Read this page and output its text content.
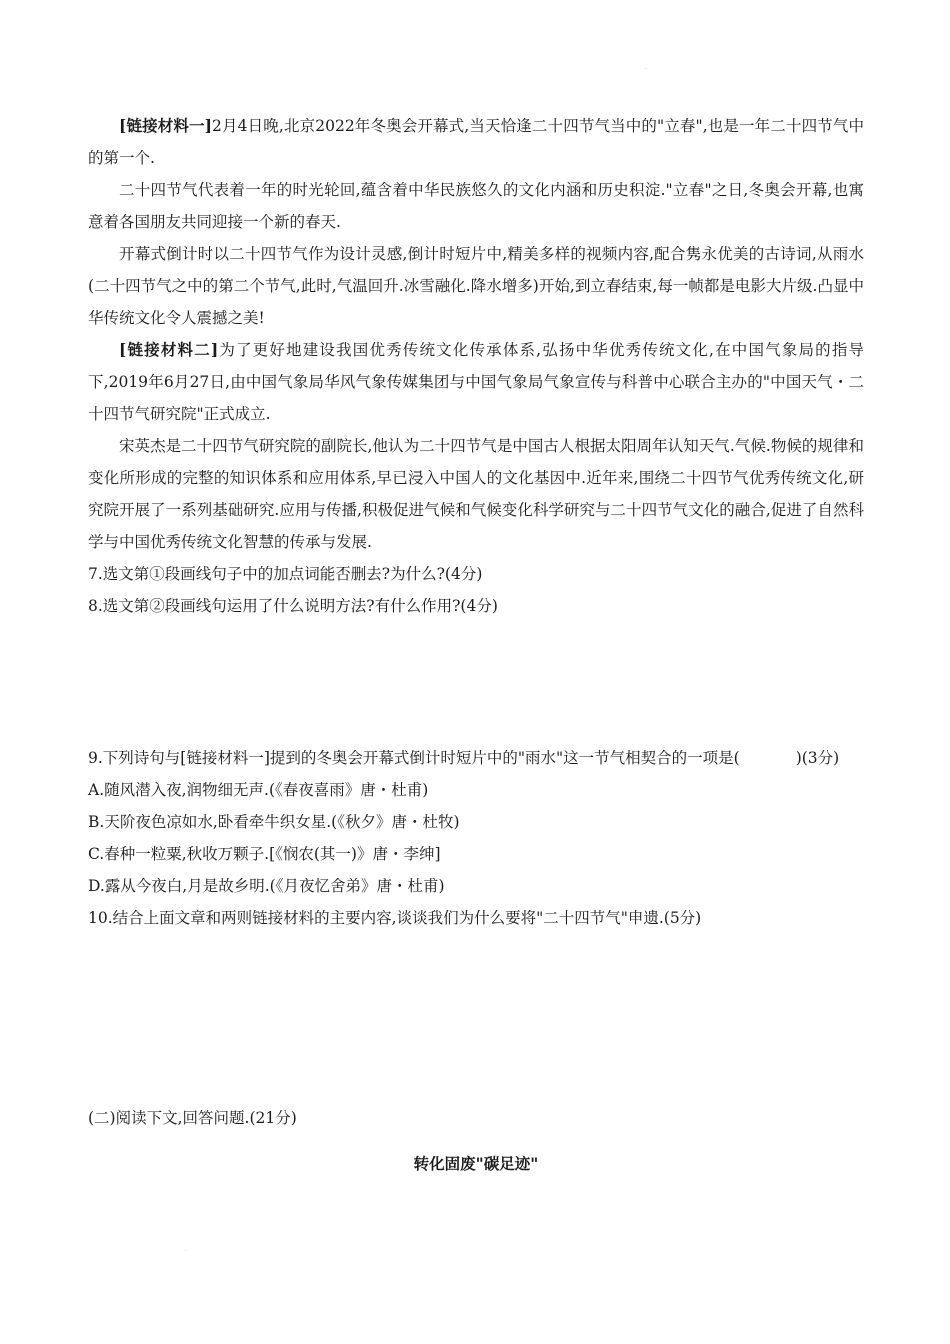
·

[链接材料一]2月4日晚,北京2022年冬奥会开幕式,当天恰逢二十四节气当中的"立春",也是一年二十四节气中的第一个.

二十四节气代表着一年的时光轮回,蕴含着中华民族悠久的文化内涵和历史积淀."立春"之日,冬奥会开幕,也寓意着各国朋友共同迎接一个新的春天.

开幕式倒计时以二十四节气作为设计灵感,倒计时短片中,精美多样的视频内容,配合隽永优美的古诗词,从雨水(二十四节气之中的第二个节气,此时,气温回升.冰雪融化.降水增多)开始,到立春结束,每一帧都是电影大片级.凸显中华传统文化令人震撼之美!

[链接材料二]为了更好地建设我国优秀传统文化传承体系,弘扬中华优秀传统文化,在中国气象局的指导下,2019年6月27日,由中国气象局华风气象传媒集团与中国气象局气象宣传与科普中心联合主办的"中国天气・二十四节气研究院"正式成立.

宋英杰是二十四节气研究院的副院长,他认为二十四节气是中国古人根据太阳周年认知天气.气候.物候的规律和变化所形成的完整的知识体系和应用体系,早已浸入中国人的文化基因中.近年来,围绕二十四节气优秀传统文化,研究院开展了一系列基础研究.应用与传播,积极促进气候和气候变化科学研究与二十四节气文化的融合,促进了自然科学与中国优秀传统文化智慧的传承与发展.

7.选文第①段画线句子中的加点词能否删去?为什么?(4分)

8.选文第②段画线句运用了什么说明方法?有什么作用?(4分)

9.下列诗句与[链接材料一]提到的冬奥会开幕式倒计时短片中的"雨水"这一节气相契合的一项是(	)(3分)

A.随风潜入夜,润物细无声.(《春夜喜雨》唐・杜甫)

B.天阶夜色凉如水,卧看牵牛织女星.(《秋夕》唐・杜牧)

C.春种一粒粟,秋收万颗子.[《悯农(其一)》唐・李绅]

D.露从今夜白,月是故乡明.(《月夜忆舍弟》唐・杜甫)

10.结合上面文章和两则链接材料的主要内容,谈谈我们为什么要将"二十四节气"申遗.(5分)

(二)阅读下文,回答问题.(21分)

转化固废"碳足迹"

·
